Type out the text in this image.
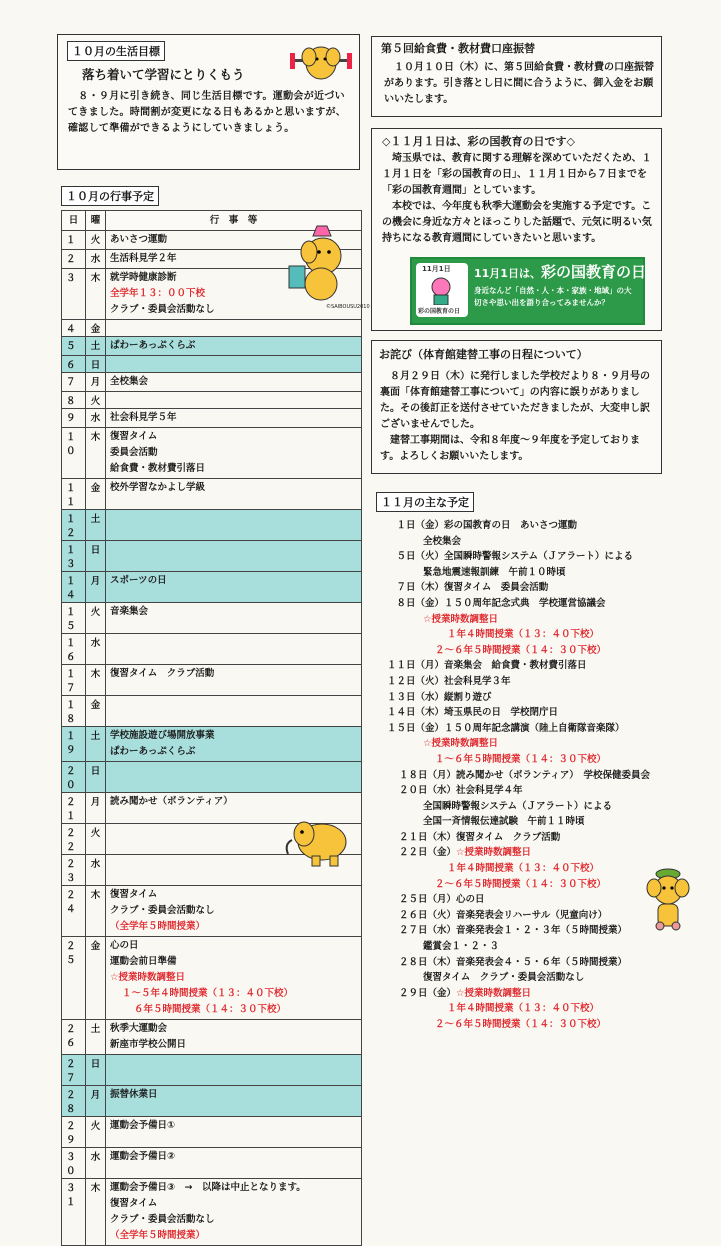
１０月の生活目標
落ち着いて学習にとりくもう
　８・９月に引き続き、同じ生活目標です。運動会が近づいてきました。時間割が変更になる日もあるかと思いますが、確認して準備ができるようにしていきましょう。
１０月の行事予定
日	曜	行　事　等
１	火	あいさつ運動

２	水	生活科見学２年

３	木	就学時健康診断
全学年１３：００下校
クラブ・委員会活動なし

４	金	

５	土	ぱわーあっぷくらぶ

６	日	

７	月	全校集会

８	火	

９	水	社会科見学５年

１０	木	復習タイム
委員会活動
給食費・教材費引落日

１１	金	校外学習なかよし学級

１２	土	

１３	日	

１４	月	スポーツの日

１５	火	音楽集会

１６	水	

１７	木	復習タイム　クラブ活動

１８	金	

１９	土	学校施設遊び場開放事業
ぱわーあっぷくらぶ

２０	日	

２１	月	読み聞かせ（ボランティア）

２２	火	

２３	水	

２４	木	復習タイム
クラブ・委員会活動なし
（全学年５時間授業）

２５	金	心の日
運動会前日準備
☆授業時数調整日
１〜５年４時間授業（１３：４０下校）
６年５時間授業（１４：３０下校）

２６	土	秋季大運動会
新座市学校公開日

２７	日	

２８	月	振替休業日

２９	火	運動会予備日①

３０	水	運動会予備日②

３１	木	運動会予備日③　→　以降は中止となります。
復習タイム
クラブ・委員会活動なし
（全学年５時間授業）
©SAIBOUSU2010
第５回給食費・教材費口座振替
　１０月１０日（木）に、第５回給食費・教材費の口座振替があります。引き落とし日に間に合うように、御入金をお願いいたします。
◇１１月１日は、彩の国教育の日です◇
　埼玉県では、教育に関する理解を深めていただくため、１１月１日を「彩の国教育の日」、１１月１日から７日までを「彩の国教育週間」としています。
　本校では、今年度も秋季大運動会を実施する予定です。この機会に身近な方々とほっこりした話題で、元気に明るい気持ちになる教育週間にしていきたいと思います。
11月1日
彩の国教育の日
11月1日は、彩の国教育の日
身近なんど「自然・人・本・家族・地域」の大切さや思い出を語り合ってみませんか？
お詫び（体育館建替工事の日程について）
　８月２９日（木）に発行しました学校だより８・９月号の裏面「体育館建替工事について」の内容に誤りがありました。その後訂正を送付させていただきましたが、大変申し訳ございませんでした。
　建替工事期間は、令和８年度〜９年度を予定しております。よろしくお願いいたします。
１１月の主な予定
　１日（金）彩の国教育の日　あいさつ運動
全校集会
　５日（火）全国瞬時警報システム（Ｊアラート）による
緊急地震速報訓練　午前１０時頃
　７日（木）復習タイム　委員会活動
　８日（金）１５０周年記念式典　学校運営協議会
☆授業時数調整日
１年４時間授業（１３：４０下校）
２〜６年５時間授業（１４：３０下校）
１１日（月）音楽集会　給食費・教材費引落日
１２日（火）社会科見学３年
１３日（水）縦割り遊び
１４日（木）埼玉県民の日　学校閉庁日
１５日（金）１５０周年記念講演（陸上自衛隊音楽隊）
☆授業時数調整日
１〜６年５時間授業（１４：３０下校）
１８日（月）読み聞かせ（ボランティア）　学校保健委員会
２０日（水）社会科見学４年
全国瞬時警報システム（Ｊアラート）による
全国一斉情報伝達試験　午前１１時頃
２１日（木）復習タイム　クラブ活動
２２日（金）☆授業時数調整日
１年４時間授業（１３：４０下校）
２〜６年５時間授業（１４：３０下校）
２５日（月）心の日
２６日（火）音楽発表会リハーサル（児童向け）
２７日（水）音楽発表会１・２・３年（５時間授業）
鑑賞会１・２・３
２８日（木）音楽発表会４・５・６年（５時間授業）
復習タイム　クラブ・委員会活動なし
２９日（金）☆授業時数調整日
１年４時間授業（１３：４０下校）
２〜６年５時間授業（１４：３０下校）
